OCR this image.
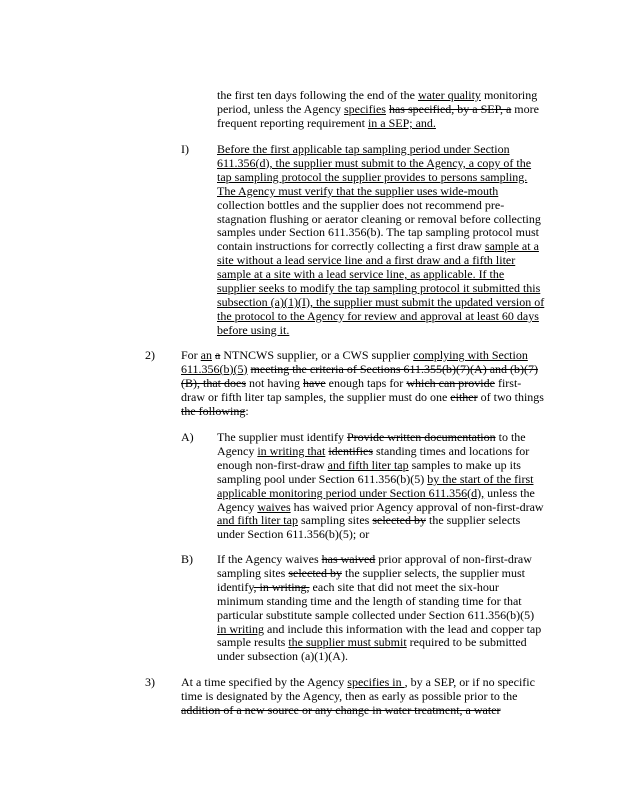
the first ten days following the end of the water quality monitoring period, unless the Agency specifies has specified, by a SEP, a more frequent reporting requirement in a SEP; and.
I) Before the first applicable tap sampling period under Section 611.356(d), the supplier must submit to the Agency, a copy of the tap sampling protocol the supplier provides to persons sampling. The Agency must verify that the supplier uses wide-mouth collection bottles and the supplier does not recommend pre-stagnation flushing or aerator cleaning or removal before collecting samples under Section 611.356(b). The tap sampling protocol must contain instructions for correctly collecting a first draw sample at a site without a lead service line and a first draw and a fifth liter sample at a site with a lead service line, as applicable. If the supplier seeks to modify the tap sampling protocol it submitted this subsection (a)(1)(I), the supplier must submit the updated version of the protocol to the Agency for review and approval at least 60 days before using it.
2) For an a NTNCWS supplier, or a CWS supplier complying with Section 611.356(b)(5) meeting the criteria of Sections 611.355(b)(7)(A) and (b)(7)(B), that does not having have enough taps for which can provide first-draw or fifth liter tap samples, the supplier must do one either of two things the following:
A) The supplier must identify Provide written documentation to the Agency in writing that identifies standing times and locations for enough non-first-draw and fifth liter tap samples to make up its sampling pool under Section 611.356(b)(5) by the start of the first applicable monitoring period under Section 611.356(d), unless the Agency waives has waived prior Agency approval of non-first-draw and fifth liter tap sampling sites selected by the supplier selects under Section 611.356(b)(5); or
B) If the Agency waives has waived prior approval of non-first-draw sampling sites selected by the supplier selects, the supplier must identify, in writing, each site that did not meet the six-hour minimum standing time and the length of standing time for that particular substitute sample collected under Section 611.356(b)(5) in writing and include this information with the lead and copper tap sample results the supplier must submit required to be submitted under subsection (a)(1)(A).
3) At a time specified by the Agency specifies in , by a SEP, or if no specific time is designated by the Agency, then as early as possible prior to the addition of a new source or any change in water treatment, a water
